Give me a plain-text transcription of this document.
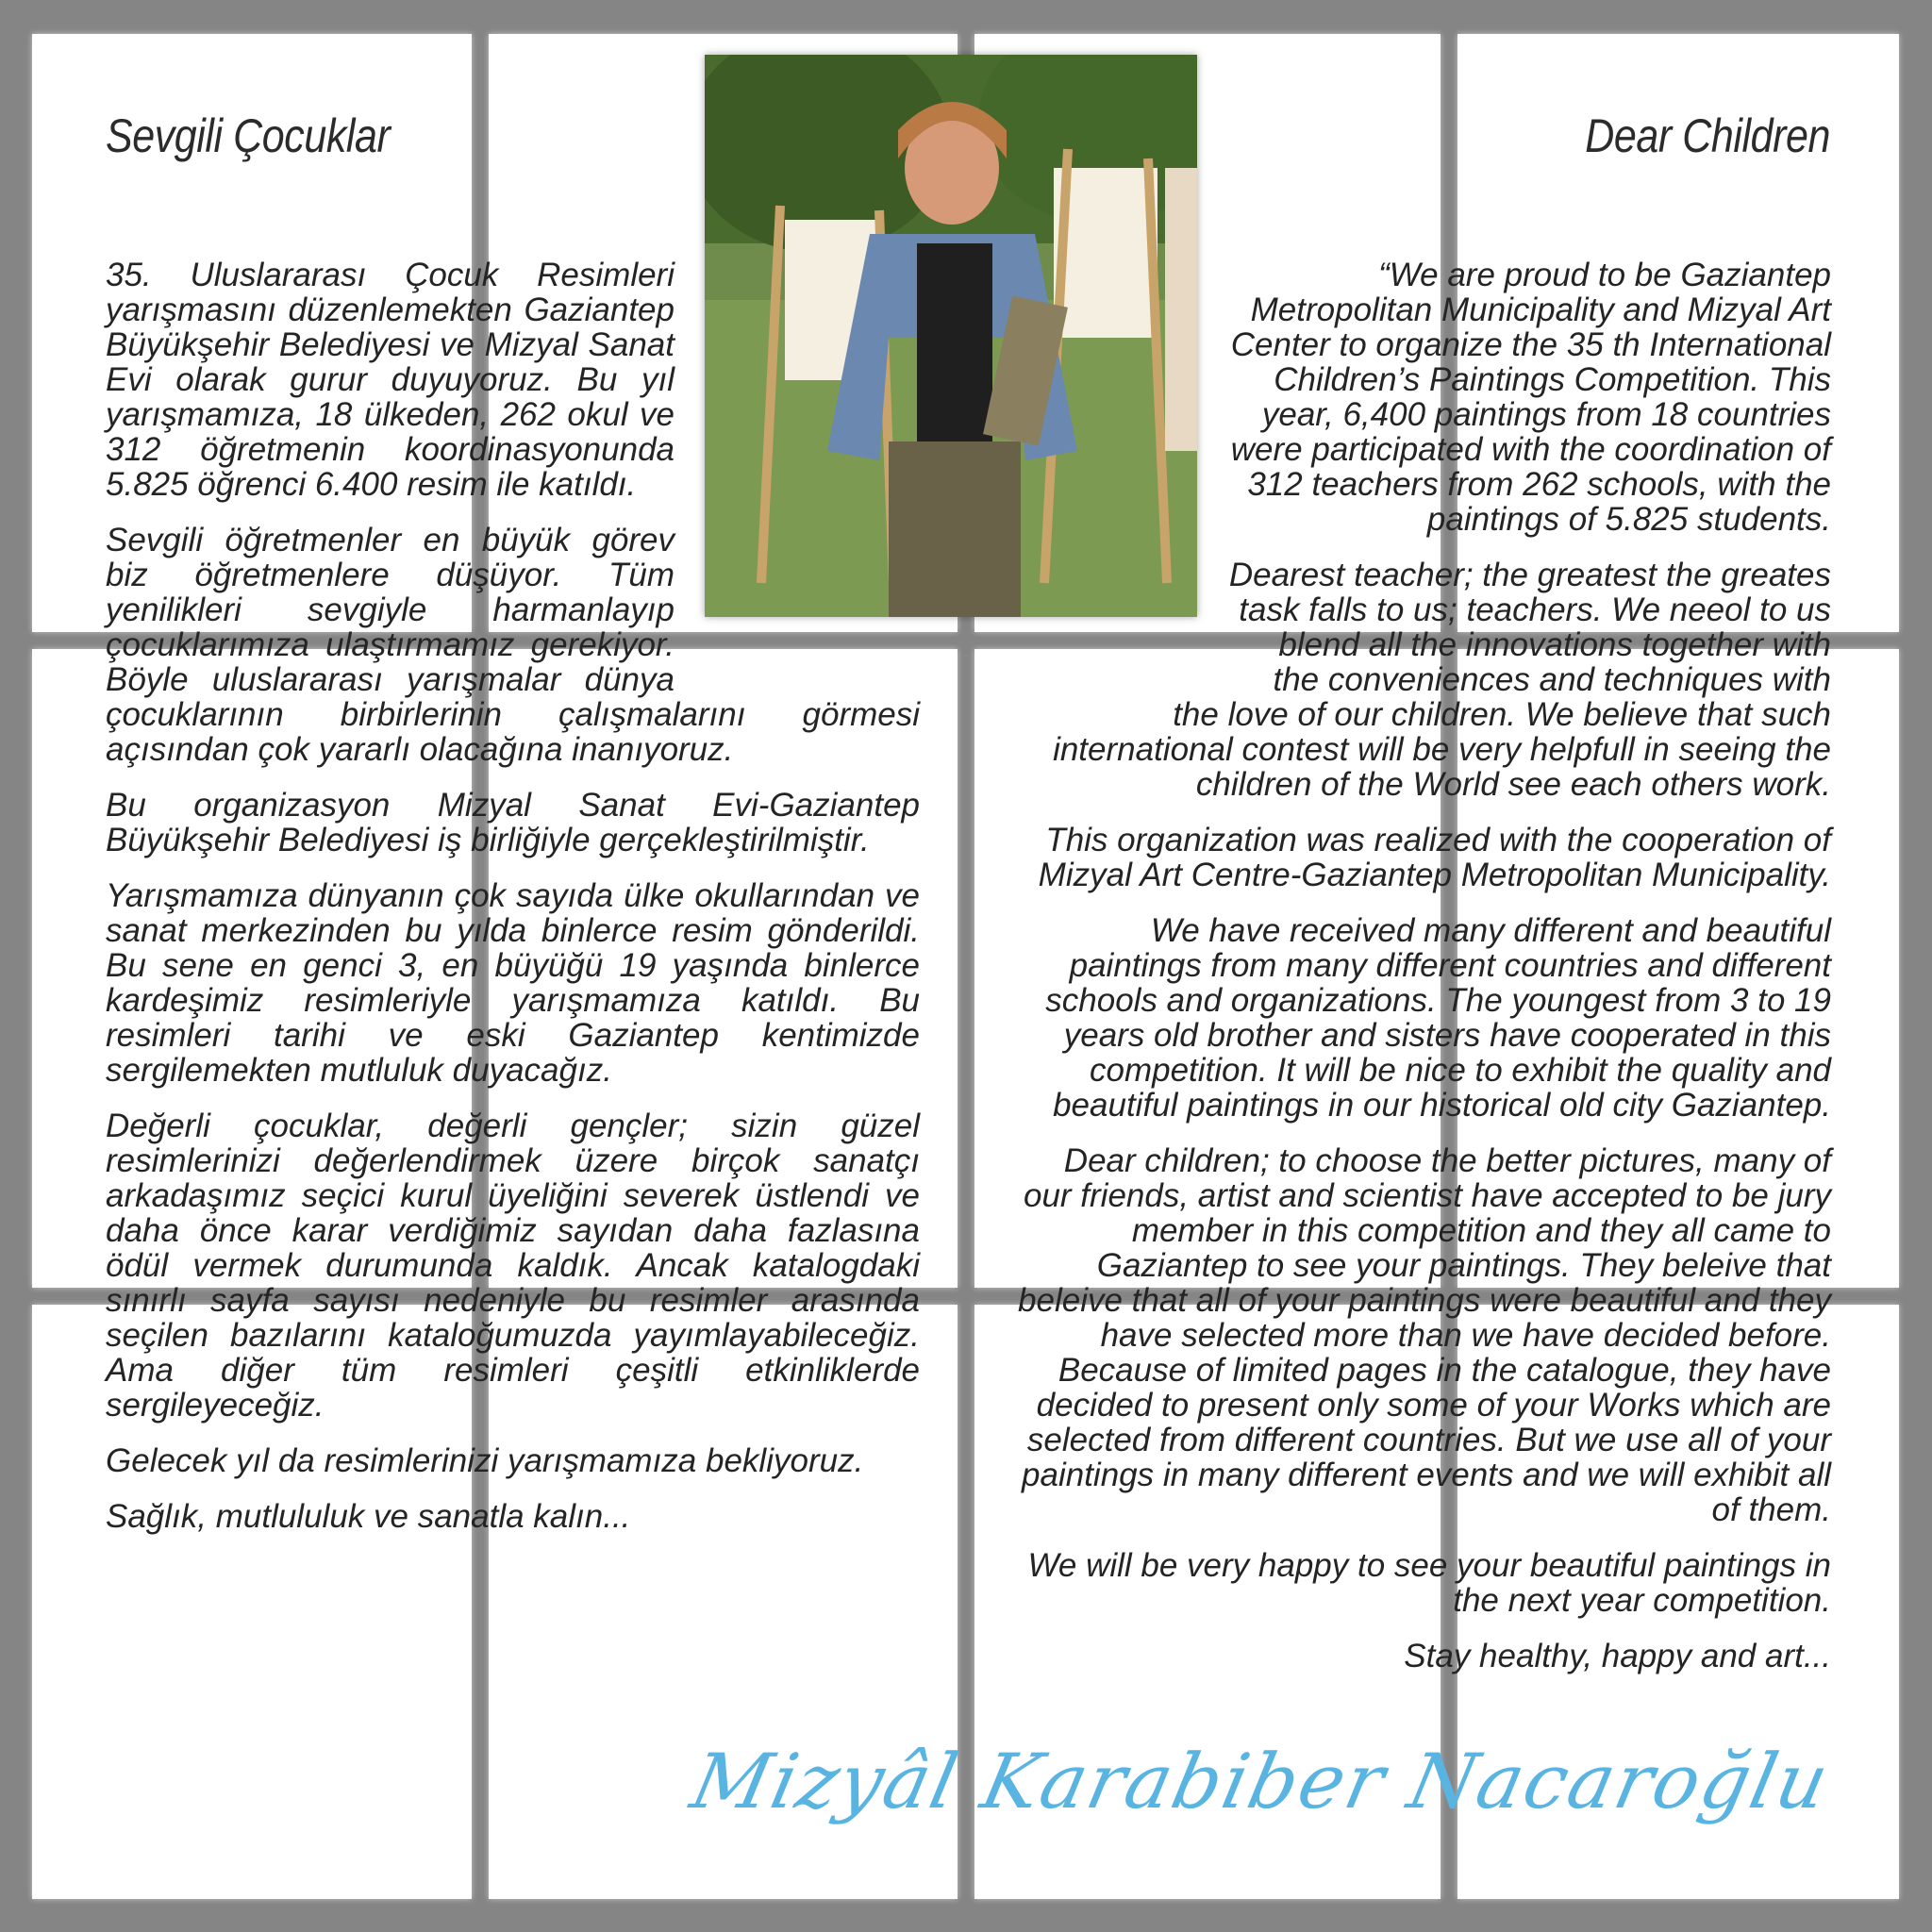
Sevgili Çocuklar	Dear Children

35. Uluslararası Çocuk Resimleri yarışmasını düzenlemekten Gaziantep Büyükşehir Belediyesi ve Mizyal Sanat Evi olarak gurur duyuyoruz. Bu yıl yarışmamıza, 18 ülkeden, 262 okul ve 312 öğretmenin koordinasyonunda 5.825 öğrenci 6.400 resim ile katıldı.

Sevgili öğretmenler en büyük görev biz öğretmenlere düşüyor. Tüm yenilikleri sevgiyle harmanlayıp çocuklarımıza ulaştırmamız gerekiyor. Böyle uluslararası yarışmalar dünya çocuklarının birbirlerinin çalışmalarını görmesi açısından çok yararlı olacağına inanıyoruz.

Bu organizasyon Mizyal Sanat Evi-Gaziantep Büyükşehir Belediyesi iş birliğiyle gerçekleştirilmiştir.

Yarışmamıza dünyanın çok sayıda ülke okullarından ve sanat merkezinden bu yılda binlerce resim gönderildi. Bu sene en genci 3, en büyüğü 19 yaşında binlerce kardeşimiz resimleriyle yarışmamıza katıldı. Bu resimleri tarihi ve eski Gaziantep kentimizde sergilemekten mutluluk duyacağız.

Değerli çocuklar, değerli gençler; sizin güzel resimlerinizi değerlendirmek üzere birçok sanatçı arkadaşımız seçici kurul üyeliğini severek üstlendi ve daha önce karar verdiğimiz sayıdan daha fazlasına ödül vermek durumunda kaldık. Ancak katalogdaki sınırlı sayfa sayısı nedeniyle bu resimler arasında seçilen bazılarını kataloğumuzda yayımlayabileceğiz. Ama diğer tüm resimleri çeşitli etkinliklerde sergileyeceğiz.

Gelecek yıl da resimlerinizi yarışmamıza bekliyoruz.

Sağlık, mutlululuk ve sanatla kalın...

“We are proud to be Gaziantep Metropolitan Municipality and Mizyal Art Center to organize the 35 th International Children’s Paintings Competition. This year, 6,400 paintings from 18 countries were participated with the coordination of 312 teachers from 262 schools, with the paintings of 5.825 students.

Dearest teacher; the greatest the greates task falls to us; teachers. We neeol to us blend all the innovations together with the conveniences and techniques with the love of our children. We believe that such international contest will be very helpfull in seeing the children of the World see each others work.

This organization was realized with the cooperation of Mizyal Art Centre-Gaziantep Metropolitan Municipality.

We have received many different and beautiful paintings from many different countries and different schools and organizations. The youngest from 3 to 19 years old brother and sisters have cooperated in this competition. It will be nice to exhibit the quality and beautiful paintings in our historical old city Gaziantep.

Dear children; to choose the better pictures, many of our friends, artist and scientist have accepted to be jury member in this competition and they all came to Gaziantep to see your paintings. They beleive that beleive that all of your paintings were beautiful and they have selected more than we have decided before. Because of limited pages in the catalogue, they have decided to present only some of your Works which are selected from different countries. But we use all of your paintings in many different events and we will exhibit all of them.

We will be very happy to see your beautiful paintings in the next year competition.

Stay healthy, happy and art...

Mizyâl Karabiber Nacaroğlu
